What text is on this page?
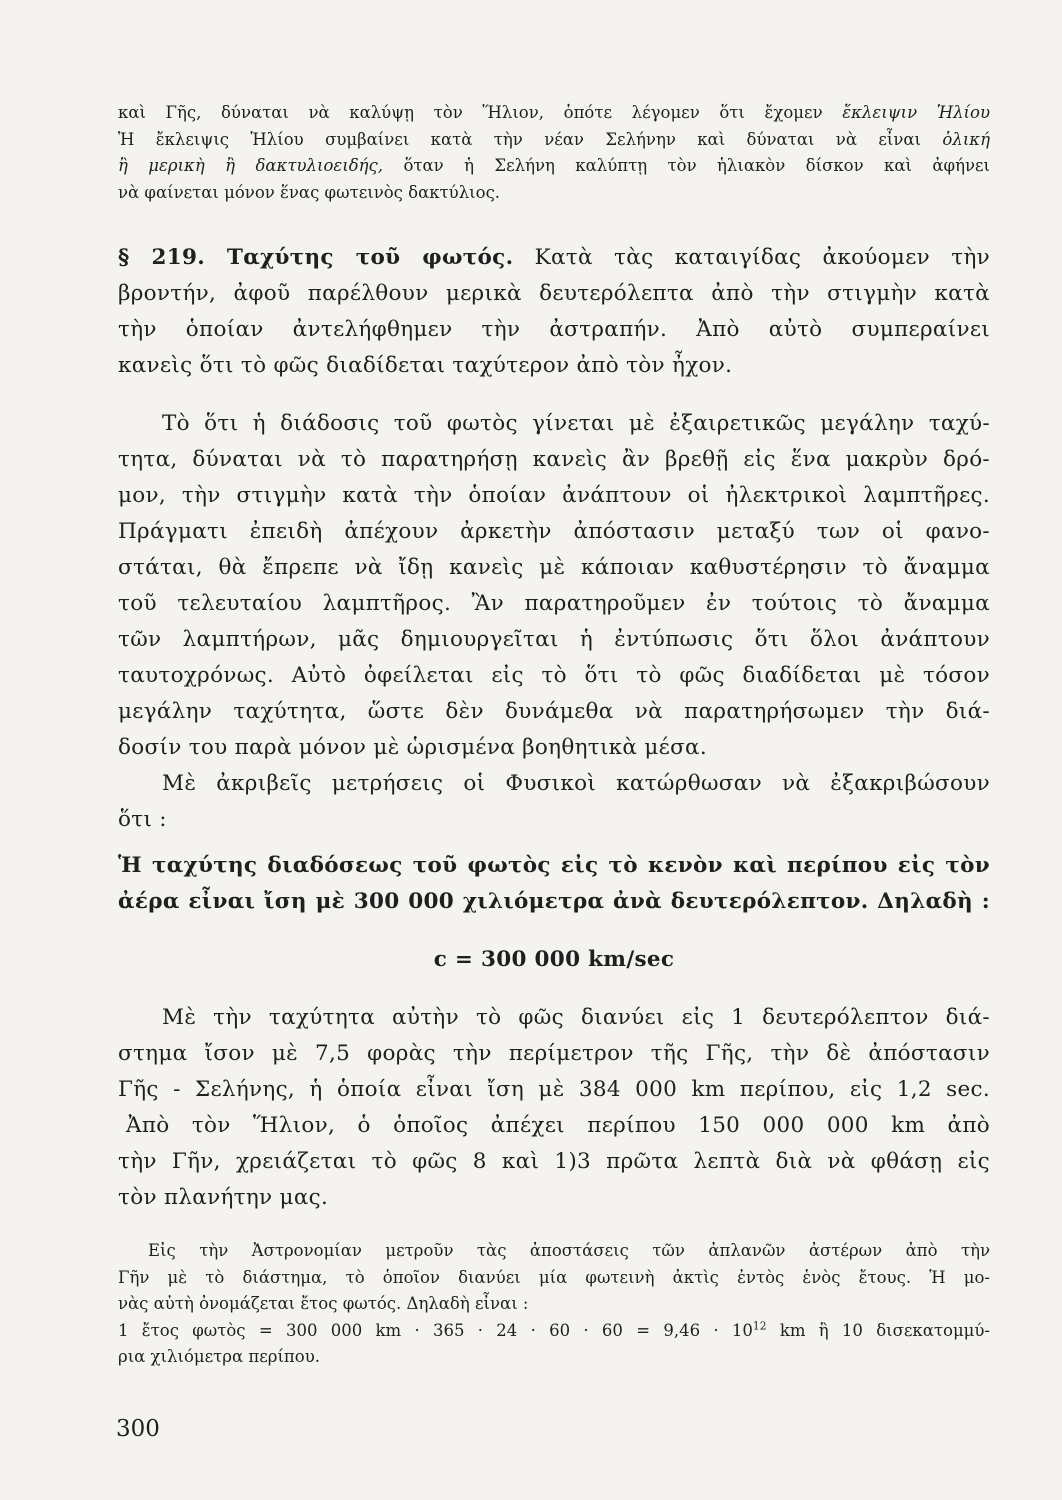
καὶ Γῆς, δύναται νὰ καλύψῃ τὸν Ἥλιον, ὁπότε λέγομεν ὅτι ἔχομεν ἔκλειψιν Ἡλίου
Ἡ ἔκλειψις Ἡλίου συμβαίνει κατὰ τὴν νέαν Σελήνην καὶ δύναται νὰ εἶναι ὁλική
ἢ μερικὴ ἢ δακτυλιοειδής, ὅταν ἡ Σελήνη καλύπτῃ τὸν ἡλιακὸν δίσκον καὶ ἀφήνει
νὰ φαίνεται μόνον ἕνας φωτεινὸς δακτύλιος.
§ 219. Ταχύτης τοῦ φωτός. Κατὰ τὰς καταιγίδας ἀκούομεν τὴν
βροντήν, ἀφοῦ παρέλθουν μερικὰ δευτερόλεπτα ἀπὸ τὴν στιγμὴν κατὰ
τὴν ὁποίαν ἀντελήφθημεν τὴν ἀστραπήν. Ἀπὸ αὐτὸ συμπεραίνει
κανεὶς ὅτι τὸ φῶς διαδίδεται ταχύτερον ἀπὸ τὸν ἦχον.
Τὸ ὅτι ἡ διάδοσις τοῦ φωτὸς γίνεται μὲ ἐξαιρετικῶς μεγάλην ταχύ-
τητα, δύναται νὰ τὸ παρατηρήσῃ κανεὶς ἂν βρεθῇ εἰς ἕνα μακρὺν δρό-
μον, τὴν στιγμὴν κατὰ τὴν ὁποίαν ἀνάπτουν οἱ ἠλεκτρικοὶ λαμπτῆρες.
Πράγματι ἐπειδὴ ἀπέχουν ἀρκετὴν ἀπόστασιν μεταξύ των οἱ φανο-
στάται, θὰ ἔπρεπε νὰ ἴδῃ κανεὶς μὲ κάποιαν καθυστέρησιν τὸ ἄναμμα
τοῦ τελευταίου λαμπτῆρος. Ἂν παρατηροῦμεν ἐν τούτοις τὸ ἄναμμα
τῶν λαμπτήρων, μᾶς δημιουργεῖται ἡ ἐντύπωσις ὅτι ὅλοι ἀνάπτουν
ταυτοχρόνως. Αὐτὸ ὀφείλεται εἰς τὸ ὅτι τὸ φῶς διαδίδεται μὲ τόσον
μεγάλην ταχύτητα, ὥστε δὲν δυνάμεθα νὰ παρατηρήσωμεν τὴν διά-
δοσίν του παρὰ μόνον μὲ ὡρισμένα βοηθητικὰ μέσα.
Μὲ ἀκριβεῖς μετρήσεις οἱ Φυσικοὶ κατώρθωσαν νὰ ἐξακριβώσουν
ὅτι :
Ἡ ταχύτης διαδόσεως τοῦ φωτὸς εἰς τὸ κενὸν καὶ περίπου εἰς τὸν
ἀέρα εἶναι ἴση μὲ 300 000 χιλιόμετρα ἀνὰ δευτερόλεπτον. Δηλαδὴ :
c = 300 000 km/sec
Μὲ τὴν ταχύτητα αὐτὴν τὸ φῶς διανύει εἰς 1 δευτερόλεπτον διά-
στημα ἴσον μὲ 7,5 φορὰς τὴν περίμετρον τῆς Γῆς, τὴν δὲ ἀπόστασιν
Γῆς - Σελήνης, ἡ ὁποία εἶναι ἴση μὲ 384 000 km περίπου, εἰς 1,2 sec.
Ἀπὸ τὸν Ἥλιον, ὁ ὁποῖος ἀπέχει περίπου 150 000 000 km ἀπὸ
τὴν Γῆν, χρειάζεται τὸ φῶς 8 καὶ 1)3 πρῶτα λεπτὰ διὰ νὰ φθάσῃ εἰς
τὸν πλανήτην μας.
Εἰς τὴν Ἀστρονομίαν μετροῦν τὰς ἀποστάσεις τῶν ἀπλανῶν ἀστέρων ἀπὸ τὴν
Γῆν μὲ τὸ διάστημα, τὸ ὁποῖον διανύει μία φωτεινὴ ἀκτὶς ἐντὸς ἑνὸς ἔτους. Ἡ μο-
νὰς αὐτὴ ὀνομάζεται ἔτος φωτός. Δηλαδὴ εἶναι :
1 ἔτος φωτὸς = 300 000 km · $365 \cdot 24 \cdot 60 \cdot 60 = 9,46 \cdot 10^{12}$ km ἢ 10 δισεκατομμύ-
ρια χιλιόμετρα περίπου.
300
